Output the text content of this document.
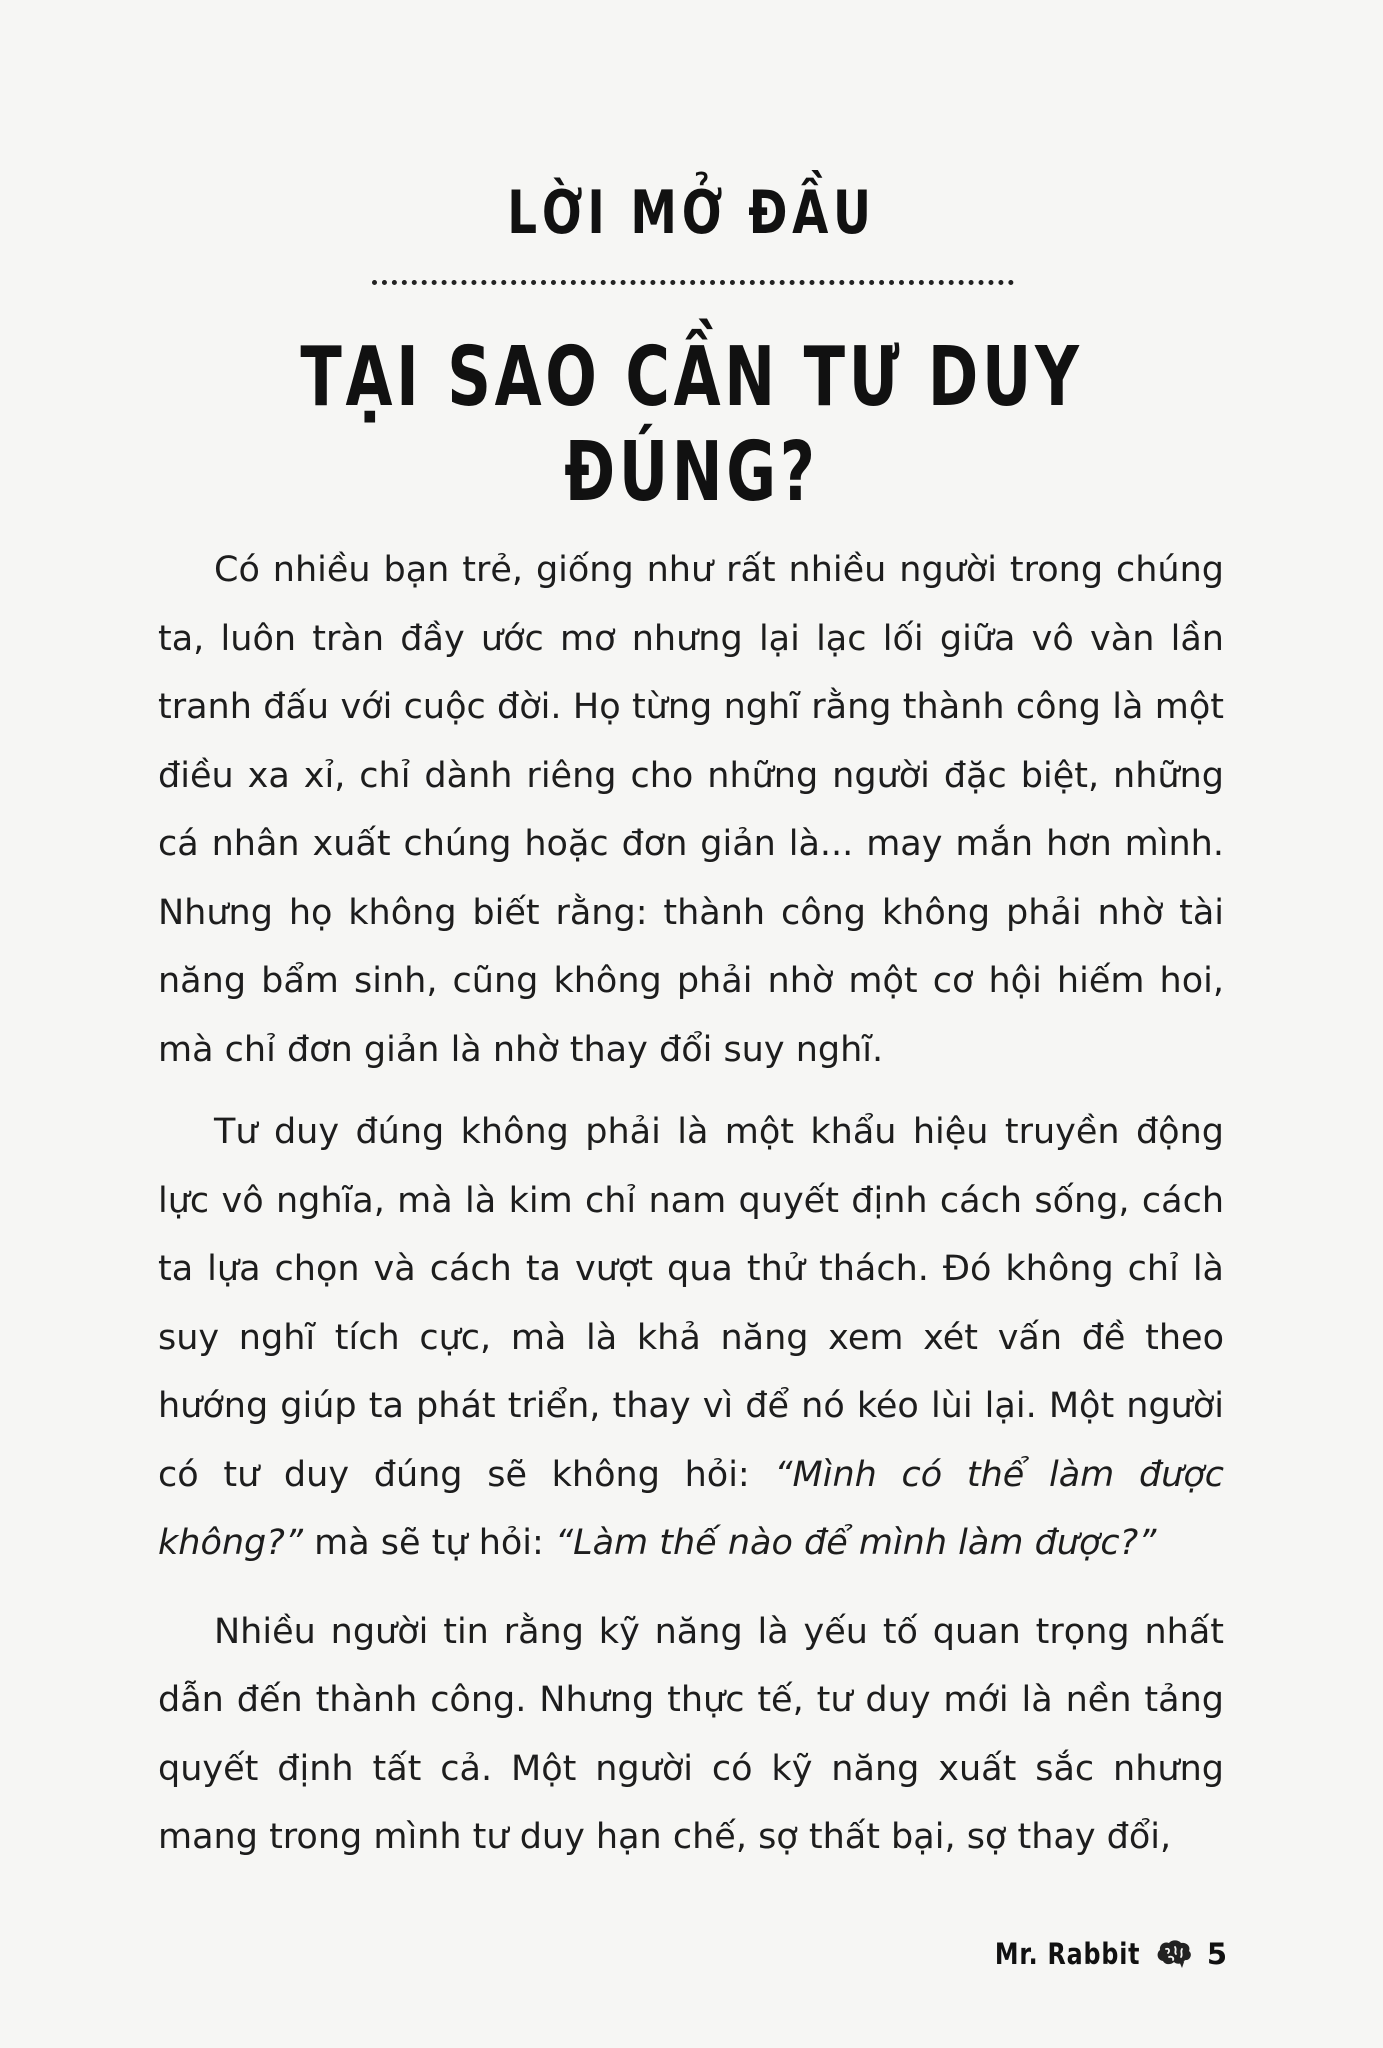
LỜI MỞ ĐẦU
TẠI SAO CẦN TƯ DUY ĐÚNG?

Có nhiều bạn trẻ, giống như rất nhiều người trong chúng ta, luôn tràn đầy ước mơ nhưng lại lạc lối giữa vô vàn lần tranh đấu với cuộc đời. Họ từng nghĩ rằng thành công là một điều xa xỉ, chỉ dành riêng cho những người đặc biệt, những cá nhân xuất chúng hoặc đơn giản là... may mắn hơn mình. Nhưng họ không biết rằng: thành công không phải nhờ tài năng bẩm sinh, cũng không phải nhờ một cơ hội hiếm hoi, mà chỉ đơn giản là nhờ thay đổi suy nghĩ.

Tư duy đúng không phải là một khẩu hiệu truyền động lực vô nghĩa, mà là kim chỉ nam quyết định cách sống, cách ta lựa chọn và cách ta vượt qua thử thách. Đó không chỉ là suy nghĩ tích cực, mà là khả năng xem xét vấn đề theo hướng giúp ta phát triển, thay vì để nó kéo lùi lại. Một người có tư duy đúng sẽ không hỏi: “Mình có thể làm được không?” mà sẽ tự hỏi: “Làm thế nào để mình làm được?”

Nhiều người tin rằng kỹ năng là yếu tố quan trọng nhất dẫn đến thành công. Nhưng thực tế, tư duy mới là nền tảng quyết định tất cả. Một người có kỹ năng xuất sắc nhưng mang trong mình tư duy hạn chế, sợ thất bại, sợ thay đổi,

Mr. Rabbit 5
